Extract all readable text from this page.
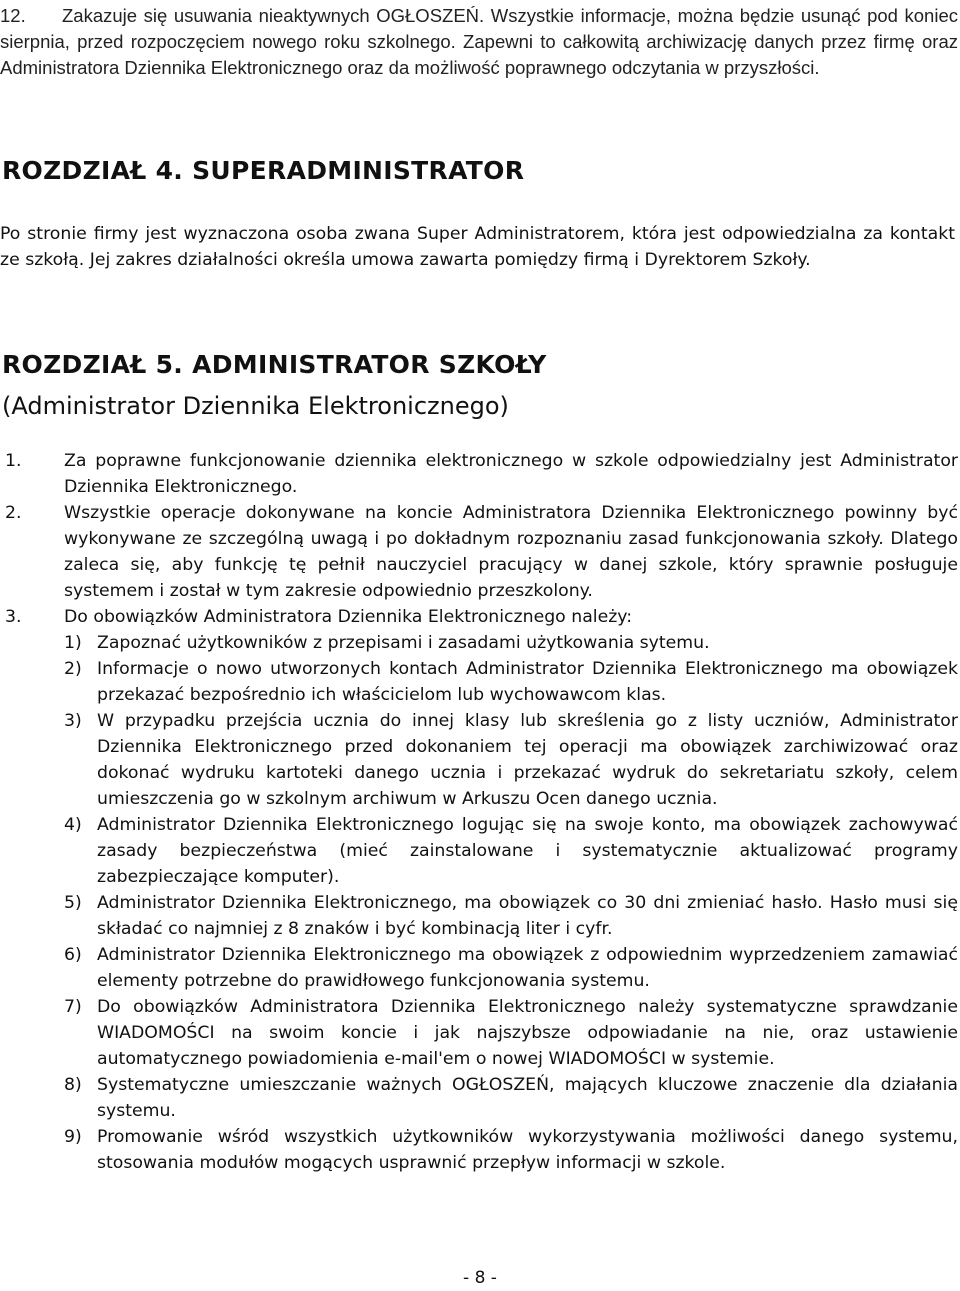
12.	Zakazuje się usuwania nieaktywnych OGŁOSZEŃ. Wszystkie informacje, można będzie usunąć pod koniec sierpnia, przed rozpoczęciem nowego roku szkolnego. Zapewni to całkowitą archiwizację danych przez firmę oraz Administratora Dziennika Elektronicznego oraz da możliwość poprawnego odczytania w przyszłości.
ROZDZIAŁ 4. SUPERADMINISTRATOR
Po stronie firmy jest wyznaczona osoba zwana Super Administratorem, która jest odpowiedzialna za kontakt ze szkołą. Jej zakres działalności określa umowa zawarta pomiędzy firmą i Dyrektorem Szkoły.
ROZDZIAŁ 5. ADMINISTRATOR SZKOŁY
(Administrator Dziennika Elektronicznego)
1. Za poprawne funkcjonowanie dziennika elektronicznego w szkole odpowiedzialny jest Administrator Dziennika Elektronicznego.
2. Wszystkie operacje dokonywane na koncie Administratora Dziennika Elektronicznego powinny być wykonywane ze szczególną uwagą i po dokładnym rozpoznaniu zasad funkcjonowania szkoły. Dlatego zaleca się, aby funkcję tę pełnił nauczyciel pracujący w danej szkole, który sprawnie posługuje systemem i został w tym zakresie odpowiednio przeszkolony.
3. Do obowiązków Administratora Dziennika Elektronicznego należy:
1) Zapoznać użytkowników z przepisami i zasadami użytkowania sytemu.
2) Informacje o nowo utworzonych kontach Administrator Dziennika Elektronicznego ma obowiązek przekazać bezpośrednio ich właścicielom lub wychowawcom klas.
3) W przypadku przejścia ucznia do innej klasy lub skreślenia go z listy uczniów, Administrator Dziennika Elektronicznego przed dokonaniem tej operacji ma obowiązek zarchiwizować oraz dokonać wydruku kartoteki danego ucznia i przekazać wydruk do sekretariatu szkoły, celem umieszczenia go w szkolnym archiwum w Arkuszu Ocen danego ucznia.
4) Administrator Dziennika Elektronicznego logując się na swoje konto, ma obowiązek zachowywać zasady bezpieczeństwa (mieć zainstalowane i systematycznie aktualizować programy zabezpieczające komputer).
5) Administrator Dziennika Elektronicznego, ma obowiązek co 30 dni zmieniać hasło. Hasło musi się składać co najmniej z 8 znaków i być kombinacją liter i cyfr.
6) Administrator Dziennika Elektronicznego ma obowiązek z odpowiednim wyprzedzeniem zamawiać elementy potrzebne do prawidłowego funkcjonowania systemu.
7) Do obowiązków Administratora Dziennika Elektronicznego należy systematyczne sprawdzanie WIADOMOŚCI na swoim koncie i jak najszybsze odpowiadanie na nie, oraz ustawienie automatycznego powiadomienia e-mail'em o nowej WIADOMOŚCI w systemie.
8) Systematyczne umieszczanie ważnych OGŁOSZEŃ, mających kluczowe znaczenie dla działania systemu.
9) Promowanie wśród wszystkich użytkowników wykorzystywania możliwości danego systemu, stosowania modułów mogących usprawnić przepływ informacji w szkole.
- 8 -
